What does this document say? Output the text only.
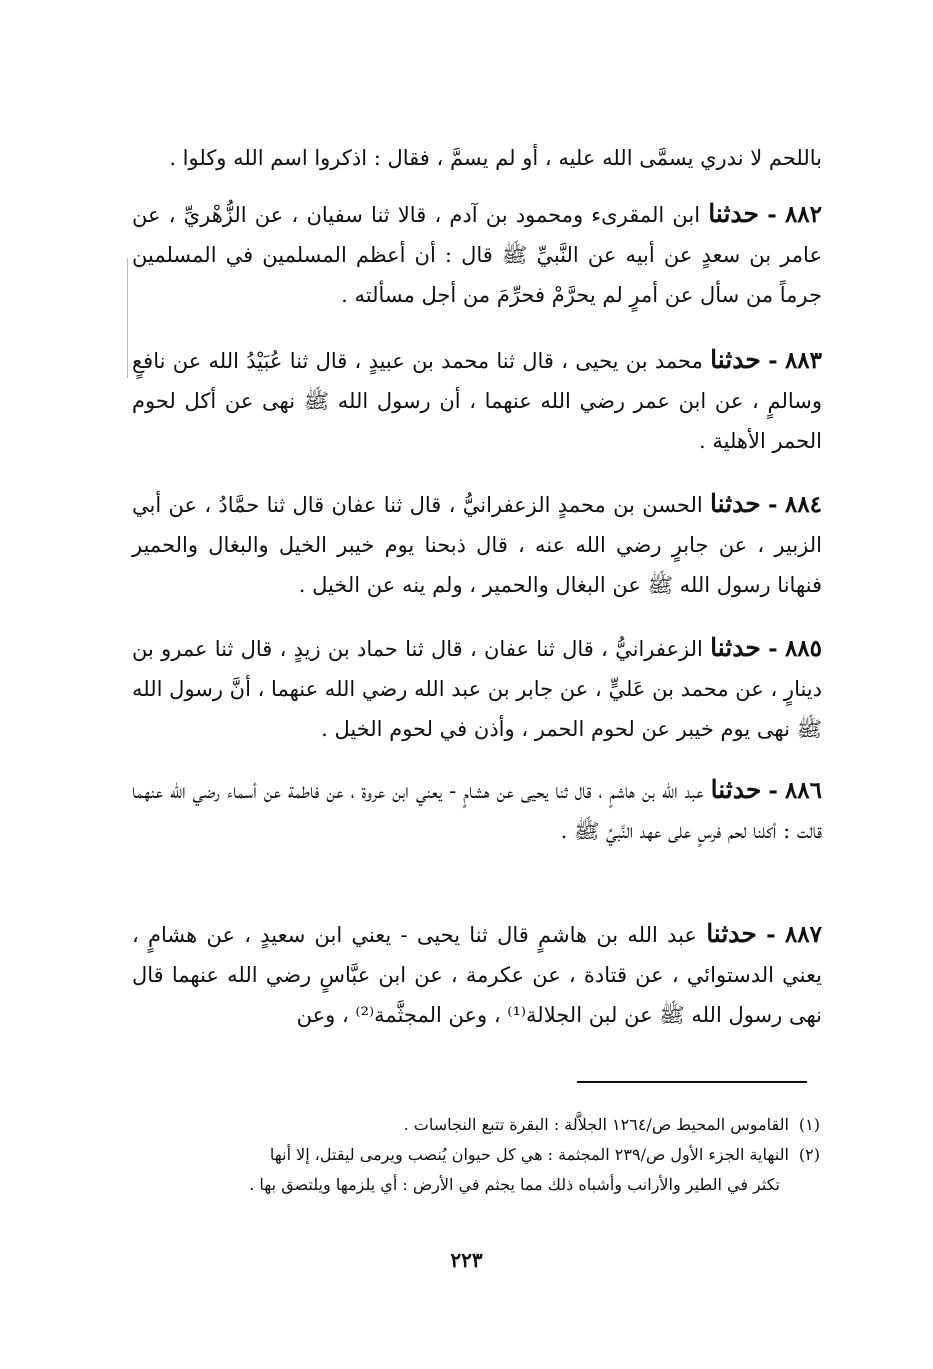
باللحم لا ندري يسمَّى الله عليه ، أو لم يسمَّ ، فقال : اذكروا اسم الله وكلوا .

٨٨٢ - حدثنا ابن المقرىء ومحمود بن آدم ، قالا ثنا سفيان ، عن الزُّهْريِّ ، عن عامر بن سعدٍ عن أبيه عن النَّبيِّ ﷺ قال : أن أعظم المسلمين في المسلمين جرماً من سأل عن أمرٍ لم يحرَّمْ فحرِّمَ من أجل مسألته .

٨٨٣ - حدثنا محمد بن يحيى ، قال ثنا محمد بن عبيدٍ ، قال ثنا عُبَيْدُ الله عن نافعٍ وسالمٍ ، عن ابن عمر رضي الله عنهما ، أن رسول الله ﷺ نهى عن أكل لحوم الحمر الأهلية .

٨٨٤ - حدثنا الحسن بن محمدٍ الزعفرانيُّ ، قال ثنا عفان قال ثنا حمَّادُ ، عن أبي الزبير ، عن جابرٍ رضي الله عنه ، قال ذبحنا يوم خيبر الخيل والبغال والحمير فنهانا رسول الله ﷺ عن البغال والحمير ، ولم ينه عن الخيل .

٨٨٥ - حدثنا الزعفرانيُّ ، قال ثنا عفان ، قال ثنا حماد بن زيدٍ ، قال ثنا عمرو بن دينارٍ ، عن محمد بن عَليٍّ ، عن جابر بن عبد الله رضي الله عنهما ، أنَّ رسول الله ﷺ نهى يوم خيبر عن لحوم الحمر ، وأذن في لحوم الخيل .

٨٨٦ - حدثنا عبد الله بن هاشمٍ ، قال ثنا يحيى عن هشامٍ - يعني ابن عروة ، عن فاطمة عن أسماء رضي الله عنهما قالت : أكلنا لحم فرسٍ على عهد النَّبيِّ ﷺ .

٨٨٧ - حدثنا عبد الله بن هاشمٍ قال ثنا يحيى - يعني ابن سعيدٍ ، عن هشامٍ ، يعني الدستوائي ، عن قتادة ، عن عكرمة ، عن ابن عبَّاسٍ رضي الله عنهما قال نهى رسول الله ﷺ عن لبن الجلالة⁽¹⁾ ، وعن المجثَّمة⁽²⁾ ، وعن

(١)القاموس المحيط ص/١٢٦٤ الجلاَّلة : البقرة تتبع النجاسات .
(٢)النهاية الجزء الأول ص/٢٣٩ المجثمة : هي كل حيوان يُنصب ويرمى ليقتل، إلا أنها
تكثر في الطير والأرانب وأشباه ذلك مما يجثم في الأرض : أي يلزمها ويلتصق بها .
٢٢٣
